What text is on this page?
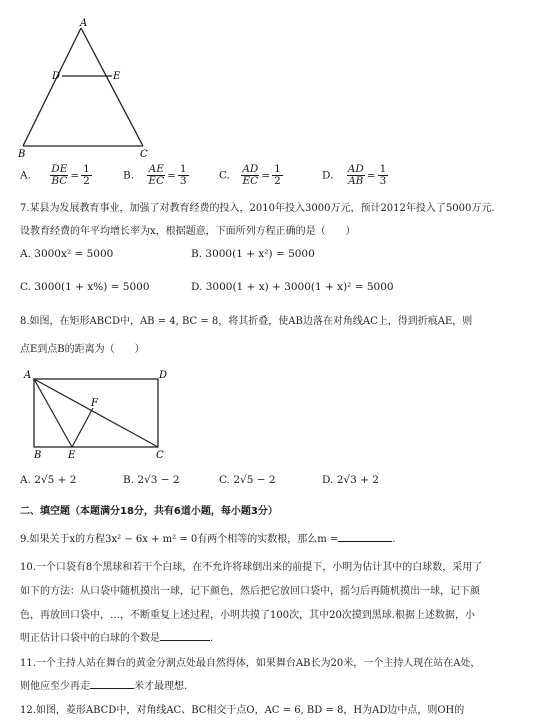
A
D	E
B	C
A. $\frac{DE}{BC} = \frac{1}{2}$	B. $\frac{AE}{EC} = \frac{1}{3}$	C. $\frac{AD}{EC} = \frac{1}{2}$	D. $\frac{AD}{AB} = \frac{1}{3}$
7.某县为发展教育事业，加强了对教育经费的投入，2010年投入3000万元，预计2012年投入了5000万元.
设教育经费的年平均增长率为x，根据题意，下面所列方程正确的是（　　）
A. 3000x² = 5000	B. 3000(1 + x²) = 5000
C. 3000(1 + x%) = 5000	D. 3000(1 + x) + 3000(1 + x)² = 5000
8.如图，在矩形ABCD中，AB = 4, BC = 8，将其折叠，使AB边落在对角线AC上，得到折痕AE，则
点E到点B的距离为（　　）
A	D
F
B	E	C
A. 2√5 + 2	B. 2√3 − 2	C. 2√5 − 2	D. 2√3 + 2
二、填空题（本题满分18分，共有6道小题，每小题3分）
9.如果关于x的方程3x² − 6x + m² = 0有两个相等的实数根，那么m =	.
10.一个口袋有8个黑球和若干个白球，在不允许将球倒出来的前提下，小明为估计其中的白球数，采用了
如下的方法：从口袋中随机摸出一球，记下颜色，然后把它放回口袋中，摇匀后再随机摸出一球，记下颜
色，再放回口袋中，…，不断重复上述过程，小明共摸了100次，其中20次摸到黑球.根据上述数据，小
明正估计口袋中的白球的个数是	.
11.一个主持人站在舞台的黄金分割点处最自然得体，如果舞台AB长为20米，一个主持人现在站在A处，
则他应至少再走	米才最理想.
12.如图，菱形ABCD中，对角线AC、BC相交于点O，AC = 6, BD = 8，H为AD边中点，则OH的
